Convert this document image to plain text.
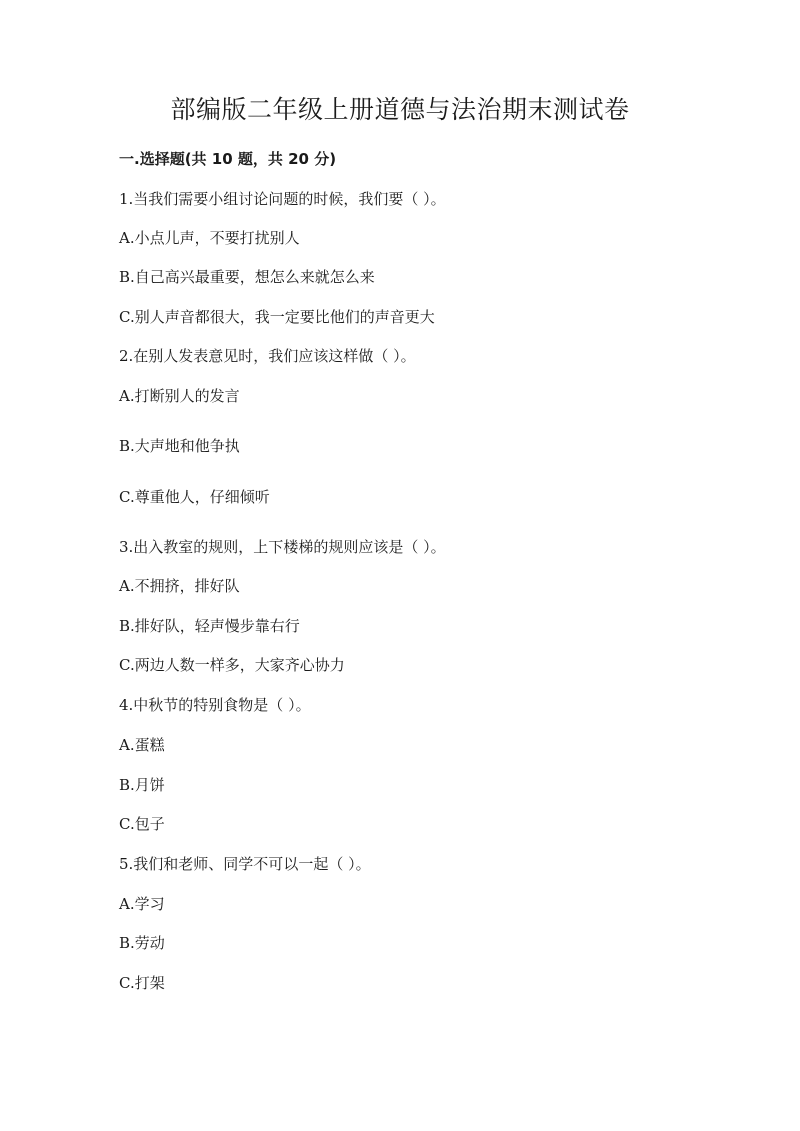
部编版二年级上册道德与法治期末测试卷
一.选择题(共 10 题，共 20 分)
1.当我们需要小组讨论问题的时候，我们要（ ）。
A.小点儿声，不要打扰别人
B.自己高兴最重要，想怎么来就怎么来
C.别人声音都很大，我一定要比他们的声音更大
2.在别人发表意见时，我们应该这样做（ ）。
A.打断别人的发言
B.大声地和他争执
C.尊重他人，仔细倾听
3.出入教室的规则，上下楼梯的规则应该是（ ）。
A.不拥挤，排好队
B.排好队，轻声慢步靠右行
C.两边人数一样多，大家齐心协力
4.中秋节的特别食物是（ ）。
A.蛋糕
B.月饼
C.包子
5.我们和老师、同学不可以一起（ ）。
A.学习
B.劳动
C.打架
